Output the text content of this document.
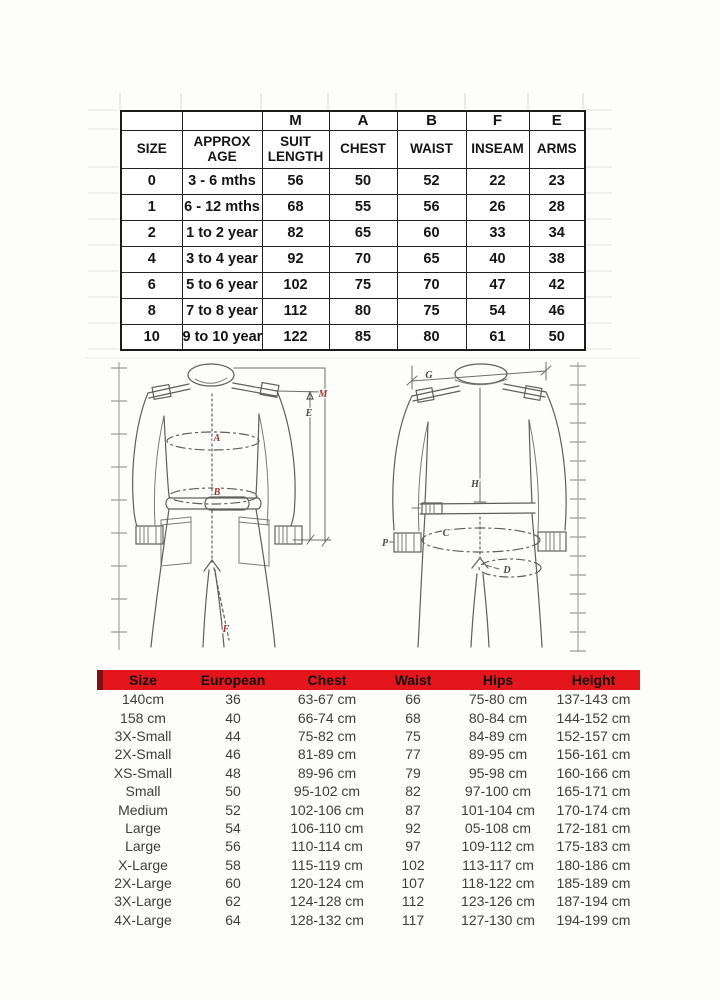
		M	A	B	F	E
SIZE	APPROX AGE	SUIT LENGTH	CHEST	WAIST	INSEAM	ARMS
0	3 - 6 mths	56	50	52	22	23
1	6 - 12 mths	68	55	56	26	28
2	1 to 2 year	82	65	60	33	34
4	3 to 4 year	92	70	65	40	38
6	5 to 6 year	102	75	70	47	42
8	7 to 8 year	112	80	75	54	46
10	9 to 10 year	122	85	80	61	50
A
B
F
M
E
G
H
C
D
P
Size	European	Chest	Waist	Hips	Height
140cm	36	63-67 cm	66	75-80 cm	137-143 cm
158 cm	40	66-74 cm	68	80-84 cm	144-152 cm
3X-Small	44	75-82 cm	75	84-89 cm	152-157 cm
2X-Small	46	81-89 cm	77	89-95 cm	156-161 cm
XS-Small	48	89-96 cm	79	95-98 cm	160-166 cm
Small	50	95-102 cm	82	97-100 cm	165-171 cm
Medium	52	102-106 cm	87	101-104 cm	170-174 cm
Large	54	106-110 cm	92	05-108 cm	172-181 cm
Large	56	110-114 cm	97	109-112 cm	175-183 cm
X-Large	58	115-119 cm	102	113-117 cm	180-186 cm
2X-Large	60	120-124 cm	107	118-122 cm	185-189 cm
3X-Large	62	124-128 cm	112	123-126 cm	187-194 cm
4X-Large	64	128-132 cm	117	127-130 cm	194-199 cm
